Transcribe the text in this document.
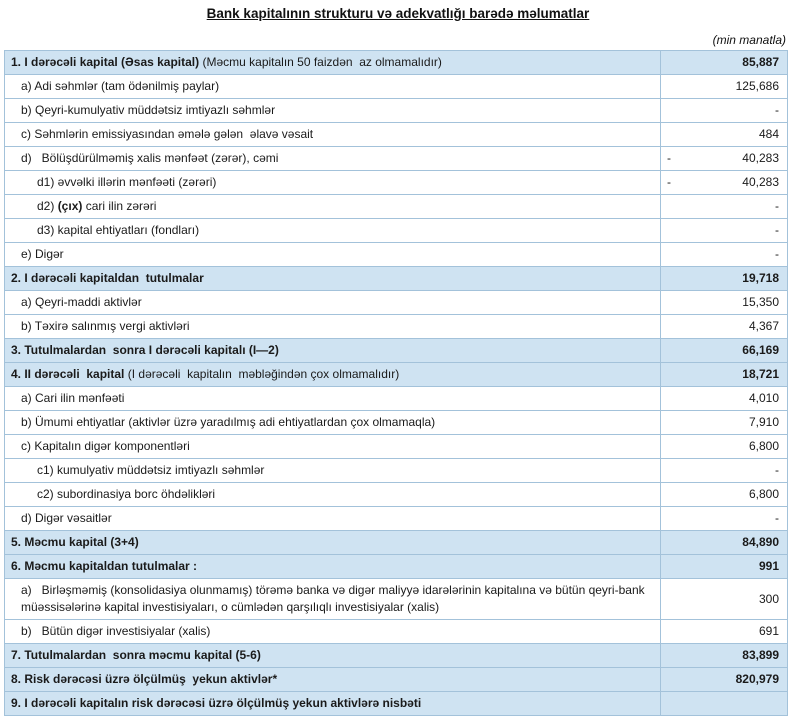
Bank kapitalının strukturu və adekvatlığı barədə məlumatlar
(min manatla)
1. I dərəcəli kapital (Əsas kapital) (Məcmu kapitalın 50 faizdən  az olmamalıdır)	85,887

a) Adi səhmlər (tam ödənilmiş paylar)	125,686

b) Qeyri-kumulyativ müddətsiz imtiyazlı səhmlər	-

c) Səhmlərin emissiyasından əmələ gələn  əlavə vəsait	484

d)   Bölüşdürülməmiş xalis mənfəət (zərər), cəmi	- 40,283

d1) əvvəlki illərin mənfəəti (zərəri)	- 40,283

d2) (çıx) cari ilin zərəri	-

d3) kapital ehtiyatları (fondları)	-

e) Digər	-

2. I dərəcəli kapitaldan  tutulmalar	19,718

a) Qeyri-maddi aktivlər	15,350

b) Təxirə salınmış vergi aktivləri	4,367

3. Tutulmalardan  sonra I dərəcəli kapitalı (I—2)	66,169

4. II dərəcəli  kapital (I dərəcəli  kapitalın  məbləğindən çox olmamalıdır)	18,721

a) Cari ilin mənfəəti	4,010

b) Ümumi ehtiyatlar (aktivlər üzrə yaradılmış adi ehtiyatlardan çox olmamaqla)	7,910

c) Kapitalın digər komponentləri	6,800

c1) kumulyativ müddətsiz imtiyazlı səhmlər	-

c2) subordinasiya borc öhdəlikləri	6,800

d) Digər vəsaitlər	-

5. Məcmu kapital (3+4)	84,890

6. Məcmu kapitaldan tutulmalar :	991

a)   Birləşməmiş (konsolidasiya olunmamış) törəmə banka və digər maliyyə idarələrinin kapitalına və bütün qeyri-bank müəssisələrinə kapital investisiyaları, o cümlədən qarşılıqlı investisiyalar (xalis)	300

b)   Bütün digər investisiyalar (xalis)	691

7. Tutulmalardan  sonra məcmu kapital (5-6)	83,899

8. Risk dərəcəsi üzrə ölçülmüş  yekun aktivlər*	820,979

9. I dərəcəli kapitalın risk dərəcəsi üzrə ölçülmüş yekun aktivlərə nisbəti	
